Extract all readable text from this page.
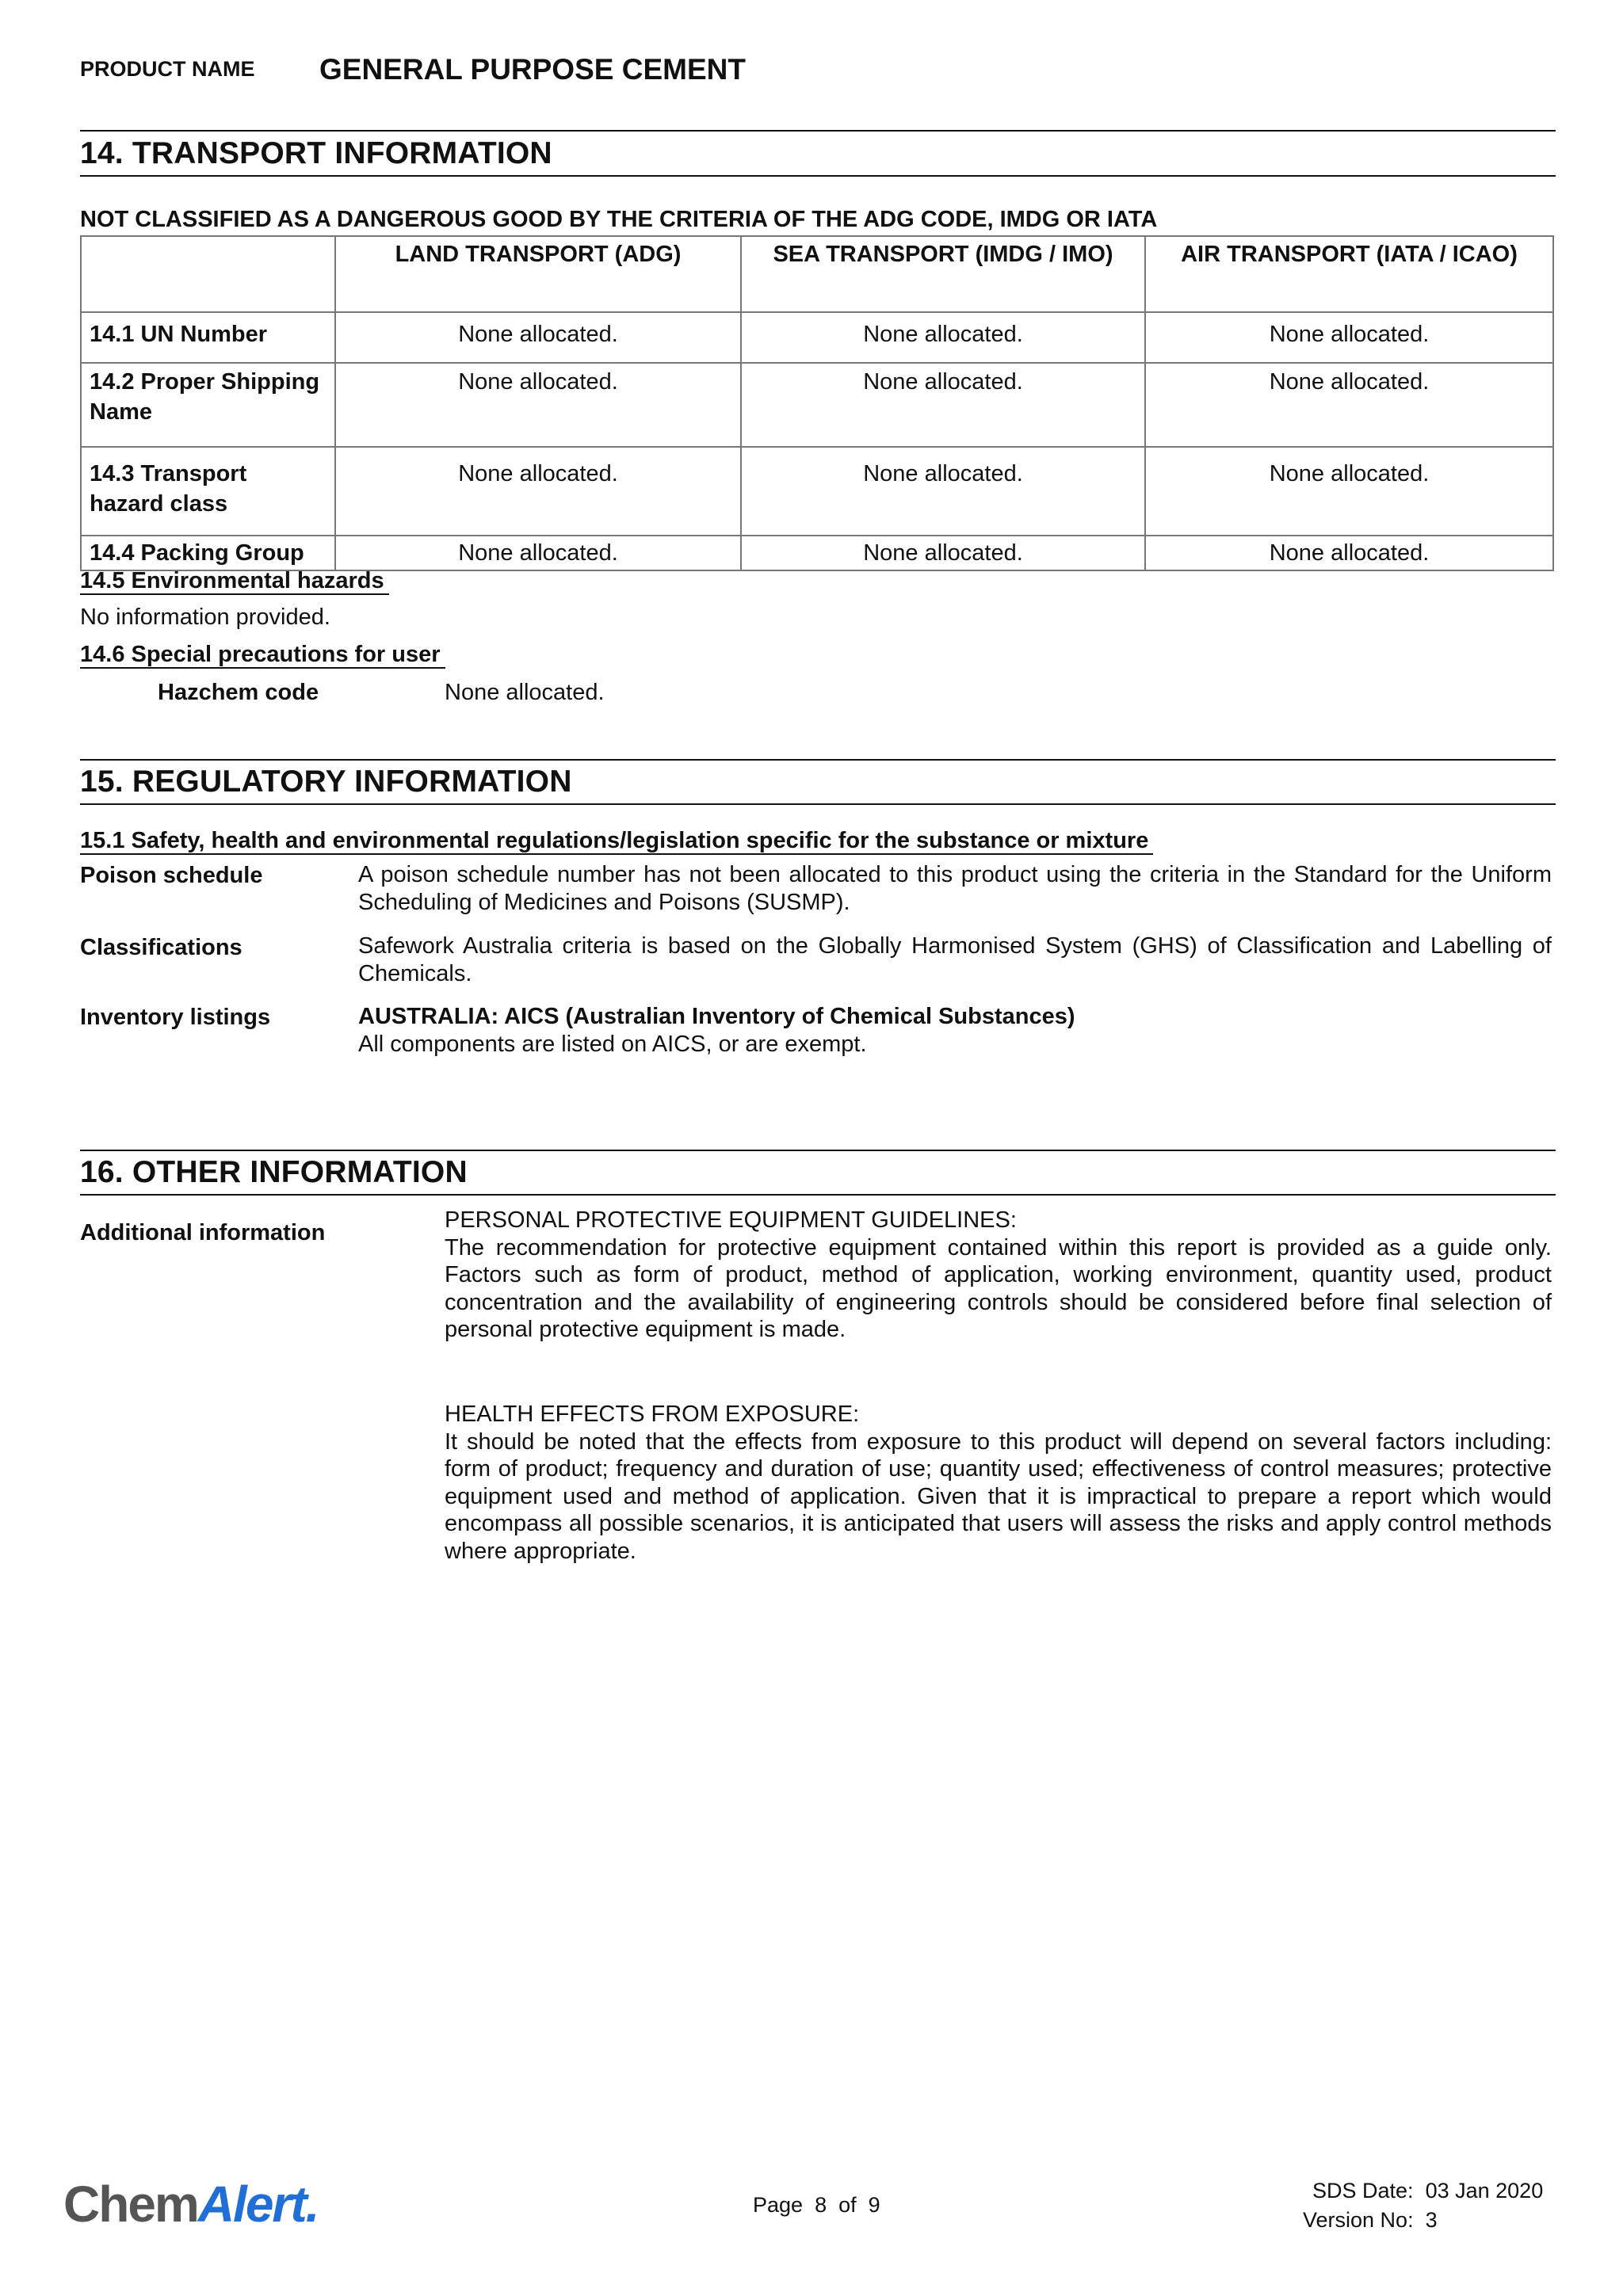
PRODUCT NAME GENERAL PURPOSE CEMENT
14. TRANSPORT INFORMATION
NOT CLASSIFIED AS A DANGEROUS GOOD BY THE CRITERIA OF THE ADG CODE, IMDG OR IATA
	LAND TRANSPORT (ADG)	SEA TRANSPORT (IMDG / IMO)	AIR TRANSPORT (IATA / ICAO)
14.1 UN Number	None allocated.	None allocated.	None allocated.
14.2 Proper Shipping Name	None allocated.	None allocated.	None allocated.
14.3 Transport hazard class	None allocated.	None allocated.	None allocated.
14.4 Packing Group	None allocated.	None allocated.	None allocated.
14.5 Environmental hazards
No information provided.
14.6 Special precautions for user
Hazchem code	None allocated.
15. REGULATORY INFORMATION
15.1 Safety, health and environmental regulations/legislation specific for the substance or mixture
Poison schedule	A poison schedule number has not been allocated to this product using the criteria in the Standard for the Uniform Scheduling of Medicines and Poisons (SUSMP).
Classifications	Safework Australia criteria is based on the Globally Harmonised System (GHS) of Classification and Labelling of Chemicals.
Inventory listings	AUSTRALIA: AICS (Australian Inventory of Chemical Substances)
All components are listed on AICS, or are exempt.
16. OTHER INFORMATION
Additional information	PERSONAL PROTECTIVE EQUIPMENT GUIDELINES:
The recommendation for protective equipment contained within this report is provided as a guide only. Factors such as form of product, method of application, working environment, quantity used, product concentration and the availability of engineering controls should be considered before final selection of personal protective equipment is made.
HEALTH EFFECTS FROM EXPOSURE:
It should be noted that the effects from exposure to this product will depend on several factors including: form of product; frequency and duration of use; quantity used; effectiveness of control measures; protective equipment used and method of application. Given that it is impractical to prepare a report which would encompass all possible scenarios, it is anticipated that users will assess the risks and apply control methods where appropriate.
ChemAlert.	Page 8 of 9
SDS Date: 03 Jan 2020
Version No: 3
